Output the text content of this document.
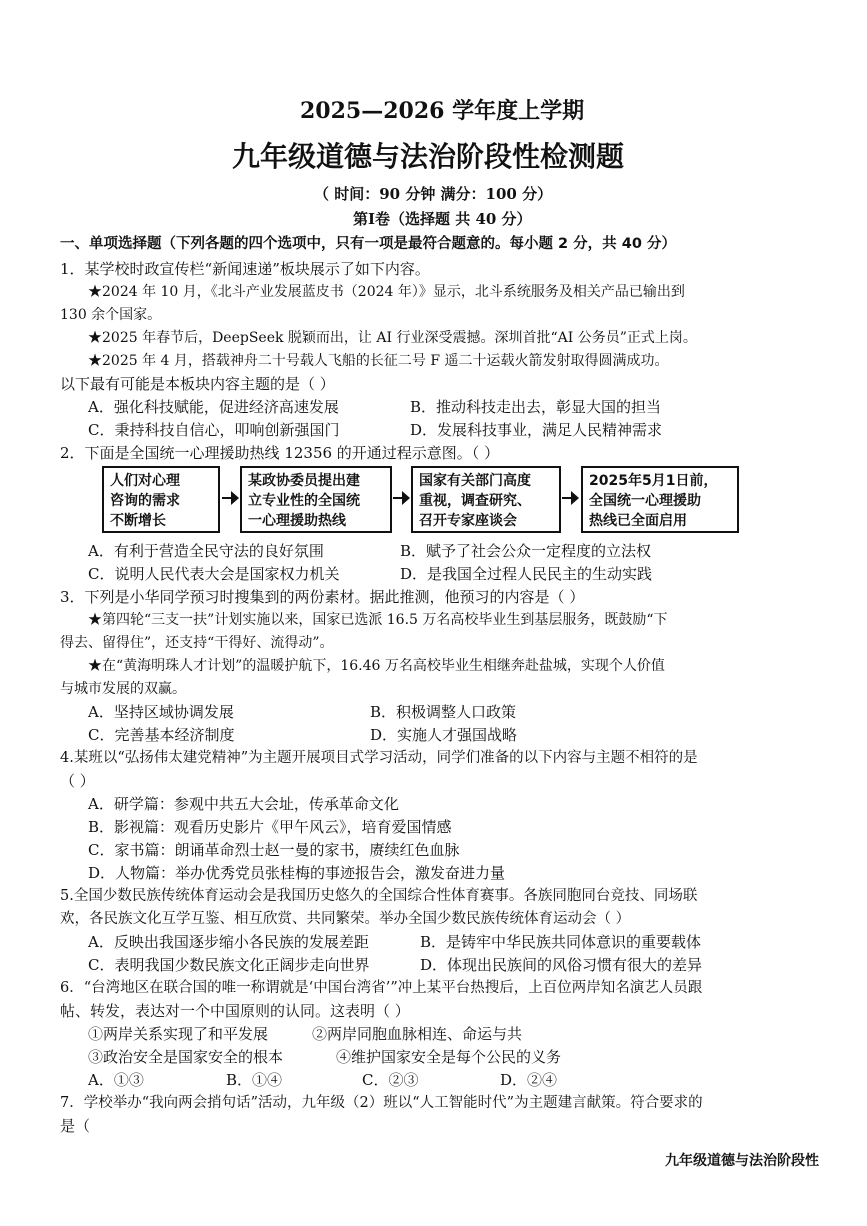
2025—2026 学年度上学期
九年级道德与法治阶段性检测题
（ 时间：90 分钟 满分：100 分）
第Ⅰ卷（选择题 共 40 分）
一、单项选择题（下列各题的四个选项中，只有一项是最符合题意的。每小题 2 分，共 40 分）
1．某学校时政宣传栏“新闻速递”板块展示了如下内容。
★2024 年 10 月，《北斗产业发展蓝皮书（2024 年）》显示，北斗系统服务及相关产品已输出到
130 余个国家。
★2025 年春节后，DeepSeek 脱颖而出，让 AI 行业深受震撼。深圳首批“AI 公务员”正式上岗。
★2025 年 4 月，搭载神舟二十号载人飞船的长征二号 F 遥二十运载火箭发射取得圆满成功。
以下最有可能是本板块内容主题的是（ ）
A．强化科技赋能，促进经济高速发展	B．推动科技走出去，彰显大国的担当
C．秉持科技自信心，叩响创新强国门	D．发展科技事业，满足人民精神需求
2．下面是全国统一心理援助热线 12356 的开通过程示意图。（ ）
人们对心理
咨询的需求
不断增长
某政协委员提出建
立专业性的全国统
一心理援助热线
国家有关部门高度
重视，调查研究、
召开专家座谈会
2025年5月1日前，
全国统一心理援助
热线已全面启用
A．有利于营造全民守法的良好氛围	B．赋予了社会公众一定程度的立法权
C．说明人民代表大会是国家权力机关	D．是我国全过程人民民主的生动实践
3．下列是小华同学预习时搜集到的两份素材。据此推测，他预习的内容是（ ）
★第四轮“三支一扶”计划实施以来，国家已选派 16.5 万名高校毕业生到基层服务，既鼓励“下
得去、留得住”，还支持“干得好、流得动”。
★在“黄海明珠人才计划”的温暖护航下，16.46 万名高校毕业生相继奔赴盐城，实现个人价值
与城市发展的双赢。
A．坚持区域协调发展	B．积极调整人口政策
C．完善基本经济制度	D．实施人才强国战略
4.某班以“弘扬伟太建党精神”为主题开展项目式学习活动，同学们准备的以下内容与主题不相符的是
（ ）
A．研学篇：参观中共五大会址，传承革命文化
B．影视篇：观看历史影片《甲午风云》，培育爱国情感
C．家书篇：朗诵革命烈士赵一曼的家书，赓续红色血脉
D．人物篇：举办优秀党员张桂梅的事迹报告会，激发奋进力量
5.全国少数民族传统体育运动会是我国历史悠久的全国综合性体育赛事。各族同胞同台竞技、同场联
欢，各民族文化互学互鉴、相互欣赏、共同繁荣。举办全国少数民族传统体育运动会（ ）
A．反映出我国逐步缩小各民族的发展差距	B．是铸牢中华民族共同体意识的重要载体
C．表明我国少数民族文化正阔步走向世界	D．体现出民族间的风俗习惯有很大的差异
6．“台湾地区在联合国的唯一称谓就是‘中国台湾省’”冲上某平台热搜后，上百位两岸知名演艺人员跟
帖、转发，表达对一个中国原则的认同。这表明（ ）
①两岸关系实现了和平发展	②两岸同胞血脉相连、命运与共
③政治安全是国家安全的根本	④维护国家安全是每个公民的义务
A．①③	B．①④	C．②③	D．②④
7．学校举办“我向两会捎句话”活动，九年级（2）班以“人工智能时代”为主题建言献策。符合要求的
是（
九年级道德与法治阶段性
